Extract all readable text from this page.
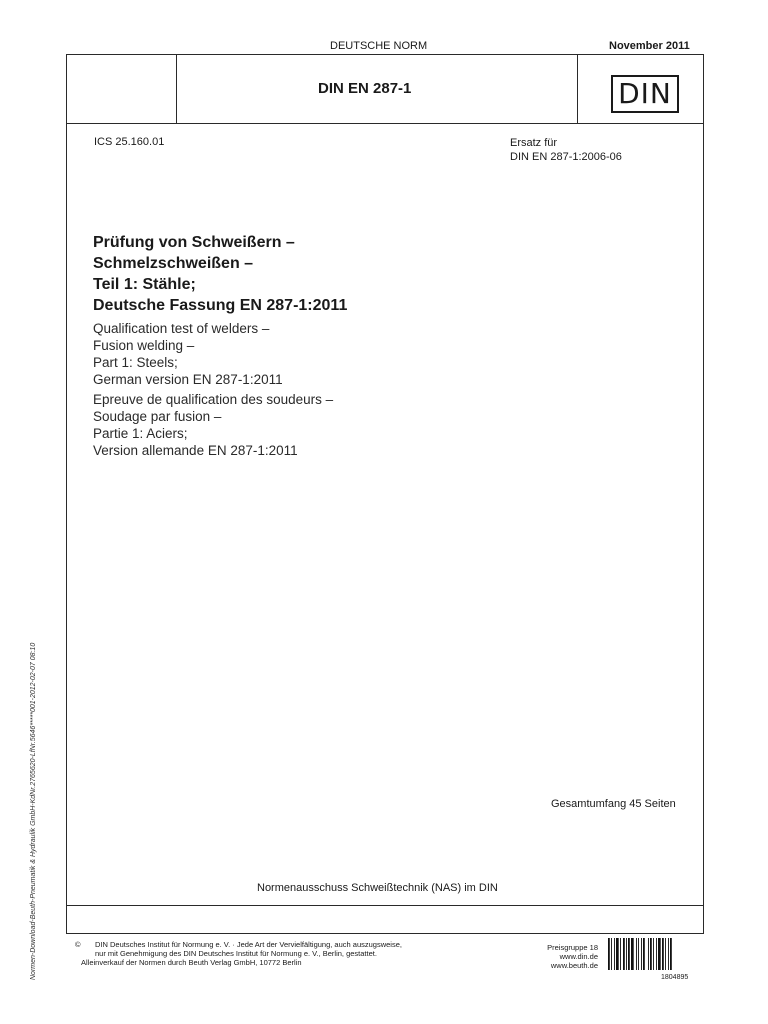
DEUTSCHE NORM	November 2011
DIN EN 287-1	DIN
ICS 25.160.01	Ersatz für
DIN EN 287-1:2006-06
Prüfung von Schweißern –
Schmelzschweißen –
Teil 1: Stähle;
Deutsche Fassung EN 287-1:2011
Qualification test of welders –
Fusion welding –
Part 1: Steels;
German version EN 287-1:2011
Epreuve de qualification des soudeurs –
Soudage par fusion –
Partie 1: Aciers;
Version allemande EN 287-1:2011
Gesamtumfang 45 Seiten
Normenausschuss Schweißtechnik (NAS) im DIN
© DIN Deutsches Institut für Normung e. V. · Jede Art der Vervielfältigung, auch auszugsweise,
nur mit Genehmigung des DIN Deutsches Institut für Normung e. V., Berlin, gestattet.
Alleinverkauf der Normen durch Beuth Verlag GmbH, 10772 Berlin
Preisgruppe 18
www.din.de
www.beuth.de
1804895
Normen-Download-Beuth-Pneumatik & Hydraulik GmbH-KdNr.2765620-LfNr.5646*****001-2012-02-07 08:10
